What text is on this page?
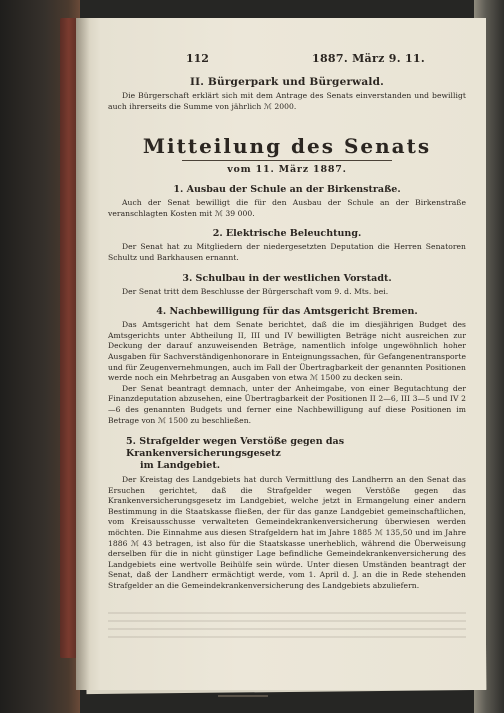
112	1887. März 9. 11.
II. Bürgerpark und Bürgerwald.

Die Bürgerschaft erklärt sich mit dem Antrage des Senats einverstanden und bewilligt auch ihrerseits die Summe von jährlich ℳ 2000.

Mitteilung des Senats
vom 11. März 1887.
1. Ausbau der Schule an der Birkenstraße.

Auch der Senat bewilligt die für den Ausbau der Schule an der Birkenstraße veranschlagten Kosten mit ℳ 39 000.

2. Elektrische Beleuchtung.

Der Senat hat zu Mitgliedern der niedergesetzten Deputation die Herren Senatoren Schultz und Barkhausen ernannt.

3. Schulbau in der westlichen Vorstadt.

Der Senat tritt dem Beschlusse der Bürgerschaft vom 9. d. Mts. bei.

4. Nachbewilligung für das Amtsgericht Bremen.

Das Amtsgericht hat dem Senate berichtet, daß die im diesjährigen Budget des Amtsgerichts unter Abtheilung II, III und IV bewilligten Beträge nicht ausreichen zur Deckung der darauf anzuweisenden Beträge, namentlich infolge ungewöhnlich hoher Ausgaben für Sachverständigenhonorare in Enteignungssachen, für Gefangenentransporte und für Zeugenvernehmungen, auch im Fall der Übertragbarkeit der genannten Positionen werde noch ein Mehrbetrag an Ausgaben von etwa ℳ 1500 zu decken sein.

Der Senat beantragt demnach, unter der Anheimgabe, von einer Begutachtung der Finanzdeputation abzusehen, eine Übertragbarkeit der Positionen II 2—6, III 3—5 und IV 2—6 des genannten Budgets und ferner eine Nachbewilligung auf diese Positionen im Betrage von ℳ 1500 zu beschließen.

5. Strafgelder wegen Verstöße gegen das Krankenversicherungsgesetz
im Landgebiet.

Der Kreistag des Landgebiets hat durch Vermittlung des Landherrn an den Senat das Ersuchen gerichtet, daß die Strafgelder wegen Verstöße gegen das Krankenversicherungsgesetz im Landgebiet, welche jetzt in Ermangelung einer andern Bestimmung in die Staatskasse fließen, der für das ganze Landgebiet gemeinschaftlichen, vom Kreisausschusse verwalteten Gemeindekrankenversicherung überwiesen werden möchten. Die Einnahme aus diesen Strafgeldern hat im Jahre 1885 ℳ 135,50 und im Jahre 1886 ℳ 43 betragen, ist also für die Staatskasse unerheblich, während die Überweisung derselben für die in nicht günstiger Lage befindliche Gemeindekrankenversicherung des Landgebiets eine wertvolle Beihülfe sein würde. Unter diesen Umständen beantragt der Senat, daß der Landherr ermächtigt werde, vom 1. April d. J. an die in Rede stehenden Strafgelder an die Gemeindekrankenversicherung des Landgebiets abzuliefern.
